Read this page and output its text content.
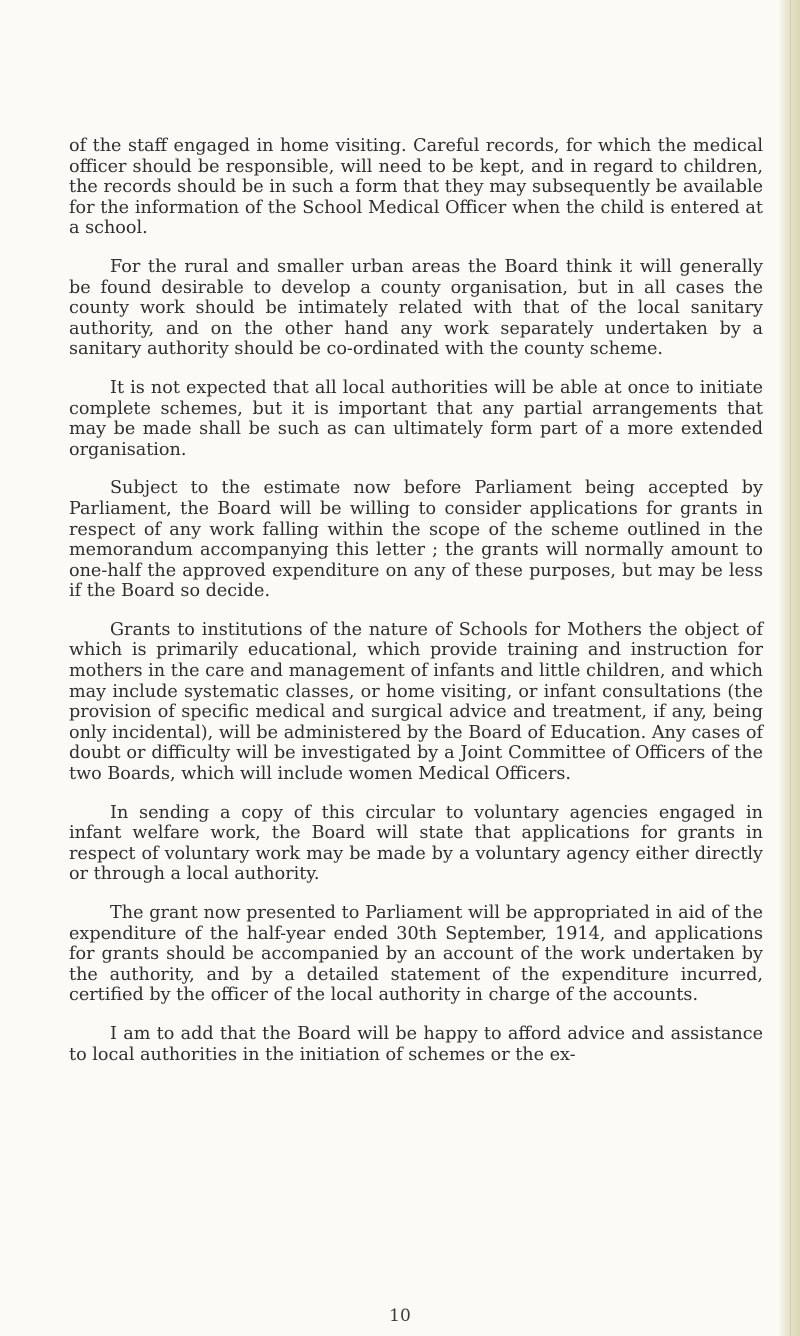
of the staff engaged in home visiting. Careful records, for which the medical officer should be responsible, will need to be kept, and in regard to children, the records should be in such a form that they may subsequently be available for the information of the School Medical Officer when the child is entered at a school.

For the rural and smaller urban areas the Board think it will generally be found desirable to develop a county organisation, but in all cases the county work should be intimately related with that of the local sanitary authority, and on the other hand any work separately undertaken by a sanitary authority should be co-ordinated with the county scheme.

It is not expected that all local authorities will be able at once to initiate complete schemes, but it is important that any partial arrangements that may be made shall be such as can ultimately form part of a more extended organisation.

Subject to the estimate now before Parliament being accepted by Parliament, the Board will be willing to consider applications for grants in respect of any work falling within the scope of the scheme outlined in the memorandum accompanying this letter ; the grants will normally amount to one-half the approved expenditure on any of these purposes, but may be less if the Board so decide.

Grants to institutions of the nature of Schools for Mothers the object of which is primarily educational, which provide training and instruction for mothers in the care and management of infants and little children, and which may include systematic classes, or home visiting, or infant consultations (the provision of specific medical and surgical advice and treatment, if any, being only incidental), will be administered by the Board of Education. Any cases of doubt or difficulty will be investigated by a Joint Committee of Officers of the two Boards, which will include women Medical Officers.

In sending a copy of this circular to voluntary agencies engaged in infant welfare work, the Board will state that applications for grants in respect of voluntary work may be made by a voluntary agency either directly or through a local authority.

The grant now presented to Parliament will be appropriated in aid of the expenditure of the half-year ended 30th September, 1914, and applications for grants should be accompanied by an account of the work undertaken by the authority, and by a detailed statement of the expenditure incurred, certified by the officer of the local authority in charge of the accounts.

I am to add that the Board will be happy to afford advice and assistance to local authorities in the initiation of schemes or the ex-

10
